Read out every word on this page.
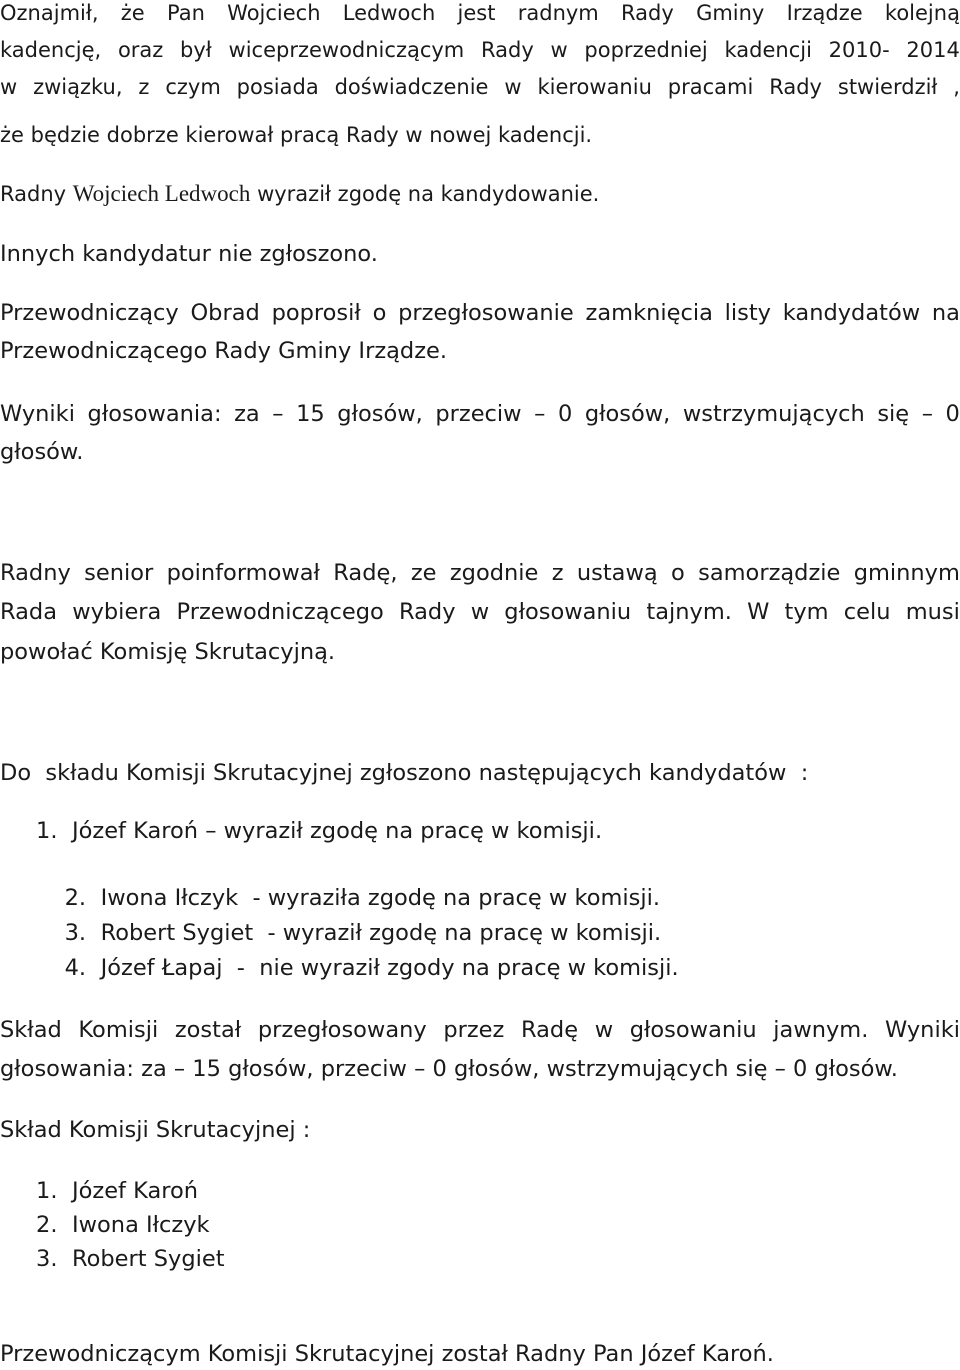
Oznajmił, że Pan Wojciech Ledwoch jest radnym Rady Gminy Irządze kolejną
kadencję, oraz był wiceprzewodniczącym Rady w poprzedniej kadencji 2010- 2014
w związku, z czym posiada doświadczenie w kierowaniu pracami Rady stwierdził ,
że będzie dobrze kierował pracą Rady w nowej kadencji.
Radny Wojciech Ledwoch wyraził zgodę na kandydowanie.
Innych kandydatur nie zgłoszono.
Przewodniczący Obrad poprosił o przegłosowanie zamknięcia listy kandydatów na
Przewodniczącego Rady Gminy Irządze.
Wyniki głosowania: za – 15 głosów, przeciw – 0 głosów, wstrzymujących się – 0
głosów.
Radny senior poinformował Radę, ze zgodnie z ustawą o samorządzie gminnym
Rada wybiera Przewodniczącego Rady w głosowaniu tajnym. W tym celu musi
powołać Komisję Skrutacyjną.
Do  składu Komisji Skrutacyjnej zgłoszono następujących kandydatów  :
1. Józef Karoń – wyraził zgodę na pracę w komisji.

2. Iwona Iłczyk  - wyraziła zgodę na pracę w komisji.

3. Robert Sygiet  - wyraził zgodę na pracę w komisji.

4. Józef Łapaj  -  nie wyraził zgody na pracę w komisji.

Skład Komisji został przegłosowany przez Radę w głosowaniu jawnym. Wyniki
głosowania: za – 15 głosów, przeciw – 0 głosów, wstrzymujących się – 0 głosów.
Skład Komisji Skrutacyjnej :
1. Józef Karoń
2. Iwona Iłczyk
3. Robert Sygiet
Przewodniczącym Komisji Skrutacyjnej został Radny Pan Józef Karoń.
